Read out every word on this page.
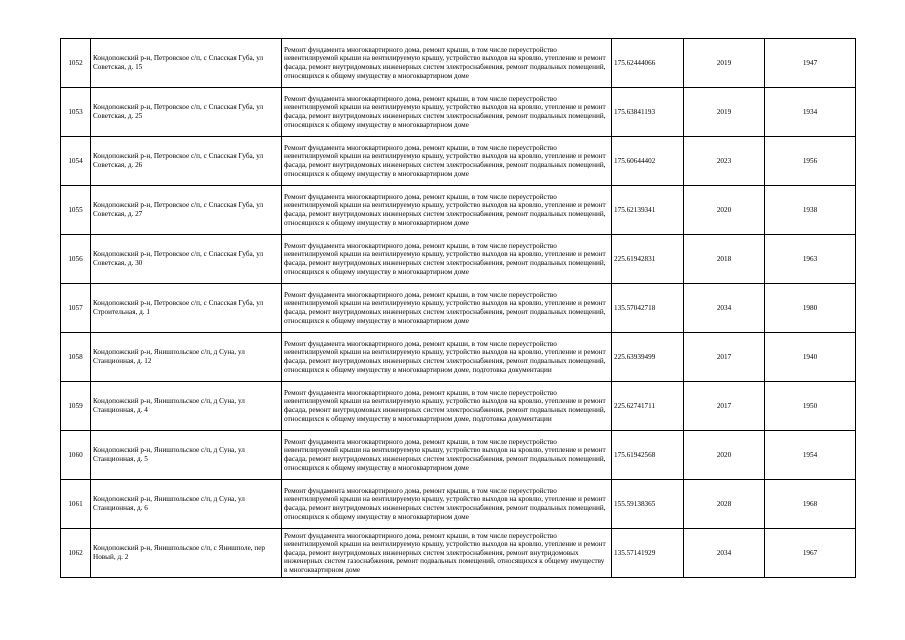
1052	Кондопожский р-н, Петровское с/п, с Спасская Губа, ул Советская, д. 15	Ремонт фундамента многоквартирного дома, ремонт крыши, в том числе переустройство невентилируемой крыши на вентилируемую крышу, устройство выходов на кровлю, утепление и ремонт фасада, ремонт внутридомовых инженерных систем электроснабжения, ремонт подвальных помещений, относящихся к общему имуществу в многоквартирном доме	175.62444066	2019	1947
1053	Кондопожский р-н, Петровское с/п, с Спасская Губа, ул Советская, д. 25	Ремонт фундамента многоквартирного дома, ремонт крыши, в том числе переустройство невентилируемой крыши на вентилируемую крышу, устройство выходов на кровлю, утепление и ремонт фасада, ремонт внутридомовых инженерных систем электроснабжения, ремонт подвальных помещений, относящихся к общему имуществу в многоквартирном доме	175.63841193	2019	1934
1054	Кондопожский р-н, Петровское с/п, с Спасская Губа, ул Советская, д. 26	Ремонт фундамента многоквартирного дома, ремонт крыши, в том числе переустройство невентилируемой крыши на вентилируемую крышу, устройство выходов на кровлю, утепление и ремонт фасада, ремонт внутридомовых инженерных систем электроснабжения, ремонт подвальных помещений, относящихся к общему имуществу в многоквартирном доме	175.60644402	2023	1956
1055	Кондопожский р-н, Петровское с/п, с Спасская Губа, ул Советская, д. 27	Ремонт фундамента многоквартирного дома, ремонт крыши, в том числе переустройство невентилируемой крыши на вентилируемую крышу, устройство выходов на кровлю, утепление и ремонт фасада, ремонт внутридомовых инженерных систем электроснабжения, ремонт подвальных помещений, относящихся к общему имуществу в многоквартирном доме	175.62139341	2020	1938
1056	Кондопожский р-н, Петровское с/п, с Спасская Губа, ул Советская, д. 30	Ремонт фундамента многоквартирного дома, ремонт крыши, в том числе переустройство невентилируемой крыши на вентилируемую крышу, устройство выходов на кровлю, утепление и ремонт фасада, ремонт внутридомовых инженерных систем электроснабжения, ремонт подвальных помещений, относящихся к общему имуществу в многоквартирном доме	225.61942831	2018	1963
1057	Кондопожский р-н, Петровское с/п, с Спасская Губа, ул Строительная, д. 1	Ремонт фундамента многоквартирного дома, ремонт крыши, в том числе переустройство невентилируемой крыши на вентилируемую крышу, устройство выходов на кровлю, утепление и ремонт фасада, ремонт внутридомовых инженерных систем электроснабжения, ремонт подвальных помещений, относящихся к общему имуществу в многоквартирном доме	135.57042718	2034	1980
1058	Кондопожский р-н, Янишпольское с/п, д Суна, ул Станционная, д. 12	Ремонт фундамента многоквартирного дома, ремонт крыши, в том числе переустройство невентилируемой крыши на вентилируемую крышу, устройство выходов на кровлю, утепление и ремонт фасада, ремонт внутридомовых инженерных систем электроснабжения, ремонт подвальных помещений, относящихся к общему имуществу в многоквартирном доме, подготовка документации	225.63939499	2017	1940
1059	Кондопожский р-н, Янишпольское с/п, д Суна, ул Станционная, д. 4	Ремонт фундамента многоквартирного дома, ремонт крыши, в том числе переустройство невентилируемой крыши на вентилируемую крышу, устройство выходов на кровлю, утепление и ремонт фасада, ремонт внутридомовых инженерных систем электроснабжения, ремонт подвальных помещений, относящихся к общему имуществу в многоквартирном доме, подготовка документации	225.62741711	2017	1950
1060	Кондопожский р-н, Янишпольское с/п, д Суна, ул Станционная, д. 5	Ремонт фундамента многоквартирного дома, ремонт крыши, в том числе переустройство невентилируемой крыши на вентилируемую крышу, устройство выходов на кровлю, утепление и ремонт фасада, ремонт внутридомовых инженерных систем электроснабжения, ремонт подвальных помещений, относящихся к общему имуществу в многоквартирном доме	175.61942568	2020	1954
1061	Кондопожский р-н, Янишпольское с/п, д Суна, ул Станционная, д. 6	Ремонт фундамента многоквартирного дома, ремонт крыши, в том числе переустройство невентилируемой крыши на вентилируемую крышу, устройство выходов на кровлю, утепление и ремонт фасада, ремонт внутридомовых инженерных систем электроснабжения, ремонт подвальных помещений, относящихся к общему имуществу в многоквартирном доме	155.59138365	2028	1968
1062	Кондопожский р-н, Янишпольское с/п, с Янишполе, пер Новый, д. 2	Ремонт фундамента многоквартирного дома, ремонт крыши, в том числе переустройство невентилируемой крыши на вентилируемую крышу, устройство выходов на кровлю, утепление и ремонт фасада, ремонт внутридомовых инженерных систем электроснабжения, ремонт внутридомовых инженерных систем газоснабжения, ремонт подвальных помещений, относящихся к общему имуществу в многоквартирном доме	135.57141929	2034	1967
